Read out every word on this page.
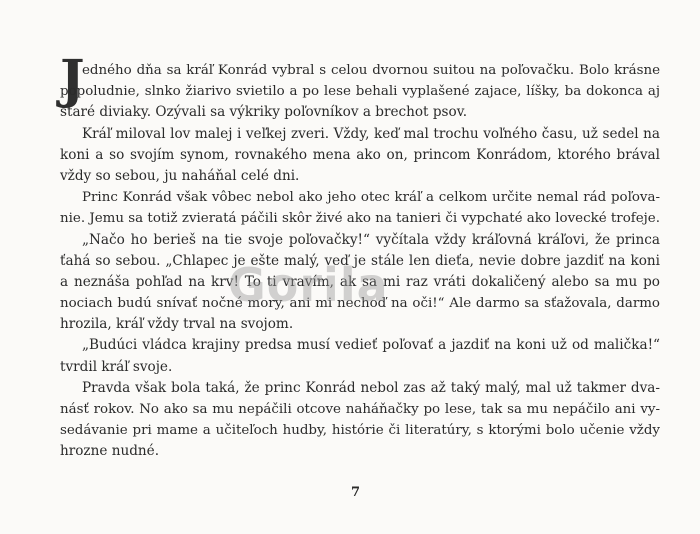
J
edného dňa sa kráľ Konrád vybral s celou dvornou suitou na poľovačku. Bolo krásne
popoludnie, slnko žiarivo svietilo a po lese behali vyplašené zajace, líšky, ba dokonca aj
staré diviaky. Ozývali sa výkriky poľovníkov a brechot psov.
Kráľ miloval lov malej i veľkej zveri. Vždy, keď mal trochu voľného času, už sedel na
koni a so svojím synom, rovnakého mena ako on, princom Konrádom, ktorého brával
vždy so sebou, ju naháňal celé dni.
Princ Konrád však vôbec nebol ako jeho otec kráľ a celkom určite nemal rád poľova-
nie. Jemu sa totiž zvieratá páčili skôr živé ako na tanieri či vypchaté ako lovecké trofeje.
„Načo ho berieš na tie svoje poľovačky!“ vyčítala vždy kráľovná kráľovi, že princa
ťahá so sebou. „Chlapec je ešte malý, veď je stále len dieťa, nevie dobre jazdiť na koni
a neznáša pohľad na krv! To ti vravím, ak sa mi raz vráti dokaličený alebo sa mu po
nociach budú snívať nočné mory, ani mi nechoď na oči!“ Ale darmo sa sťažovala, darmo
hrozila, kráľ vždy trval na svojom.
„Budúci vládca krajiny predsa musí vedieť poľovať a jazdiť na koni už od malička!“
tvrdil kráľ svoje.
Pravda však bola taká, že princ Konrád nebol zas až taký malý, mal už takmer dva-
násť rokov. No ako sa mu nepáčili otcove naháňačky po lese, tak sa mu nepáčilo ani vy-
sedávanie pri mame a učiteľoch hudby, histórie či literatúry, s ktorými bolo učenie vždy
hrozne nudné.
Gorila
7
